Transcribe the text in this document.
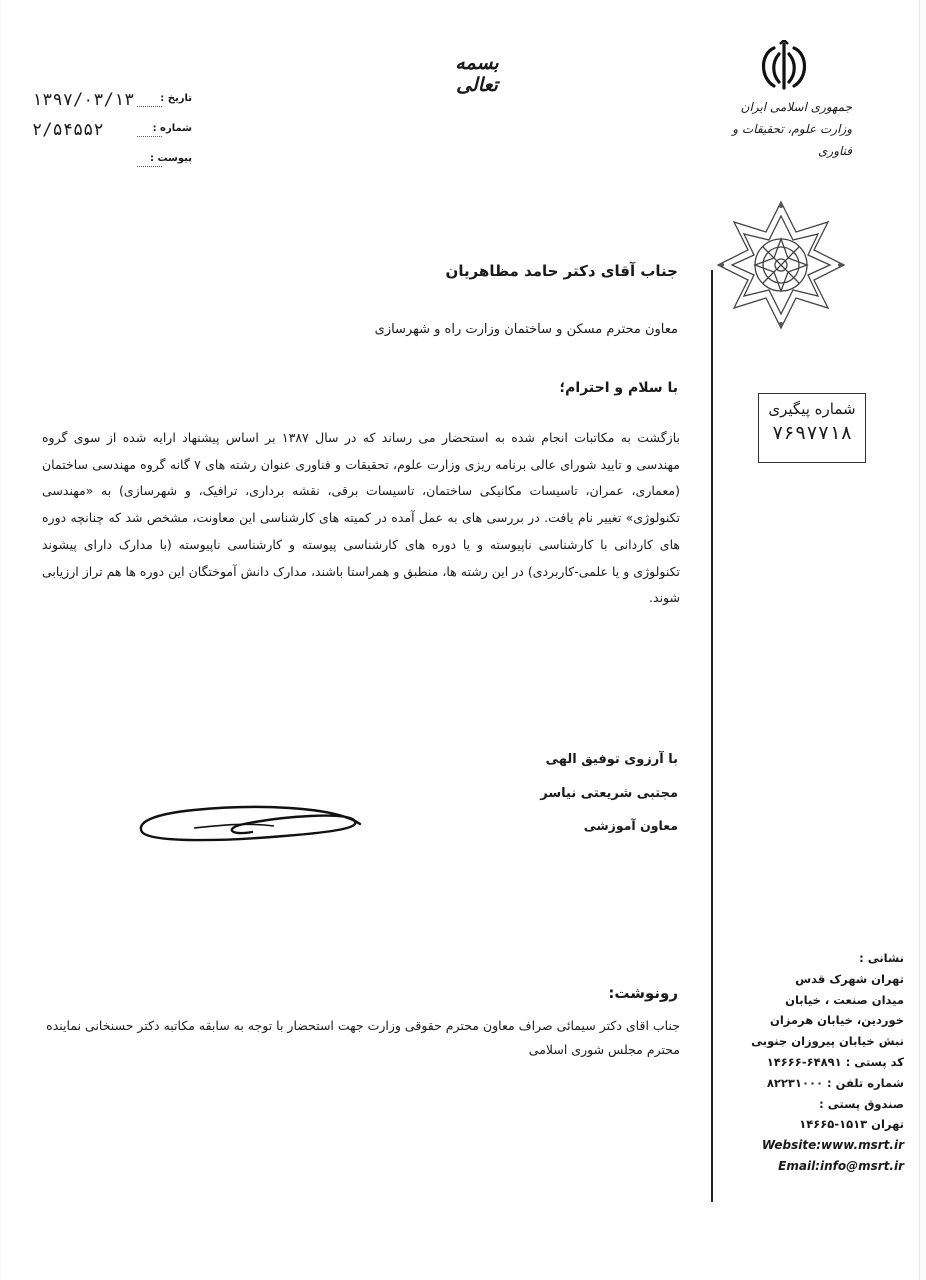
بسمه تعالی
تاریخ :
۱۳۹۷/۰۳/۱۳
شماره :
۲/۵۴۵۵۲
پیوست :
جمهوری اسلامی ایران
وزارت علوم، تحقیقات و فناوری
شماره پیگیری
۷۶۹۷۷۱۸
جناب آقای دکتر حامد مظاهریان
معاون محترم مسکن و ساختمان وزارت راه و شهرسازی
با سلام و احترام؛
بازگشت به مکاتبات انجام شده به استحضار می رساند که در سال ۱۳۸۷ بر اساس پیشنهاد ارایه شده از سوی گروه مهندسی و تایید شورای عالی برنامه ریزی وزارت علوم، تحقیقات و فناوری عنوان رشته های ۷ گانه گروه مهندسی ساختمان (معماری، عمران، تاسیسات مکانیکی ساختمان، تاسیسات برقی، نقشه برداری، ترافیک، و شهرسازی) به «مهندسی تکنولوژی» تغییر نام یافت. در بررسی های به عمل آمده در کمیته های کارشناسی این معاونت، مشخص شد که چنانچه دوره های کاردانی با کارشناسی ناپیوسته و یا دوره های کارشناسی پیوسته و کارشناسی ناپیوسته (با مدارک دارای پیشوند تکنولوژی و یا علمی-کاربردی) در این رشته ها، منطبق و همراستا باشند، مدارک دانش آموختگان این دوره ها هم تراز ارزیابی شوند.
با آرزوی توفیق الهی
مجتبی شریعتی نیاسر
معاون آموزشی
رونوشت:
جناب اقای دکتر سیمائی صراف معاون محترم حقوقی وزارت جهت استحضار با توجه به سابقه مکاتبه دکتر حسنخانی نماینده محترم مجلس شوری اسلامی
نشانی :
تهران شهرک قدس
میدان صنعت ، خیابان
خوردین، خیابان هرمزان
نبش خیابان پیروزان جنوبی
کد پستی : ۶۴۸۹۱-۱۴۶۶۶
شماره تلفن : ۸۲۲۳۱۰۰۰
صندوق پستی :
تهران ۱۵۱۳-۱۴۶۶۵
Website:www.msrt.ir
Email:info@msrt.ir
